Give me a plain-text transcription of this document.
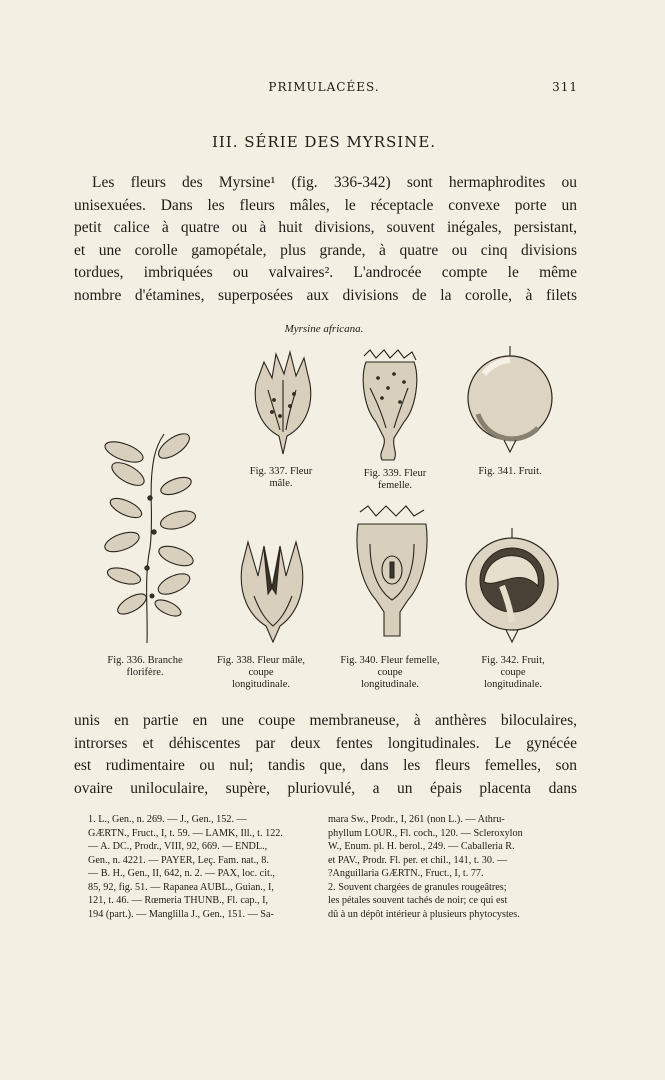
PRIMULACÉES.	311
III. SÉRIE DES MYRSINE.
Les fleurs des Myrsine¹ (fig. 336-342) sont hermaphrodites ou
unisexuées. Dans les fleurs mâles, le réceptacle convexe porte un
petit calice à quatre ou à huit divisions, souvent inégales, persistant,
et une corolle gamopétale, plus grande, à quatre ou cinq divisions
tordues, imbriquées ou valvaires². L'androcée compte le même
nombre d'étamines, superposées aux divisions de la corolle, à filets
Myrsine africana.
Fig. 336. Branche
florifère.
Fig. 337. Fleur
mâle.
Fig. 338. Fleur mâle,
coupe
longitudinale.
Fig. 339. Fleur
femelle.
Fig. 340. Fleur femelle,
coupe
longitudinale.
Fig. 341. Fruit.
Fig. 342. Fruit,
coupe
longitudinale.
unis en partie en une coupe membraneuse, à anthères biloculaires,
introrses et déhiscentes par deux fentes longitudinales. Le gynécée
est rudimentaire ou nul; tandis que, dans les fleurs femelles, son
ovaire uniloculaire, supère, pluriovulé, a un épais placenta dans
1. L., Gen., n. 269. — J., Gen., 152. —
GÆRTN., Fruct., I, t. 59. — LAMK, Ill., t. 122.
— A. DC., Prodr., VIII, 92, 669. — ENDL.,
Gen., n. 4221. — PAYER, Leç. Fam. nat., 8.
— B. H., Gen., II, 642, n. 2. — PAX, loc. cit.,
85, 92, fig. 51. — Rapanea AUBL., Guian., I,
121, t. 46. — Rœmeria THUNB., Fl. cap., I,
194 (part.). — Manglilla J., Gen., 151. — Sa-
mara Sw., Prodr., I, 261 (non L.). — Athru-
phyllum LOUR., Fl. coch., 120. — Scleroxylon
W., Enum. pl. H. berol., 249. — Caballeria R.
et PAV., Prodr. Fl. per. et chil., 141, t. 30. —
?Anguillaria GÆRTN., Fruct., I, t. 77.
2. Souvent chargées de granules rougeâtres;
les pétales souvent tachés de noir; ce qui est
dû à un dépôt intérieur à plusieurs phytocystes.
